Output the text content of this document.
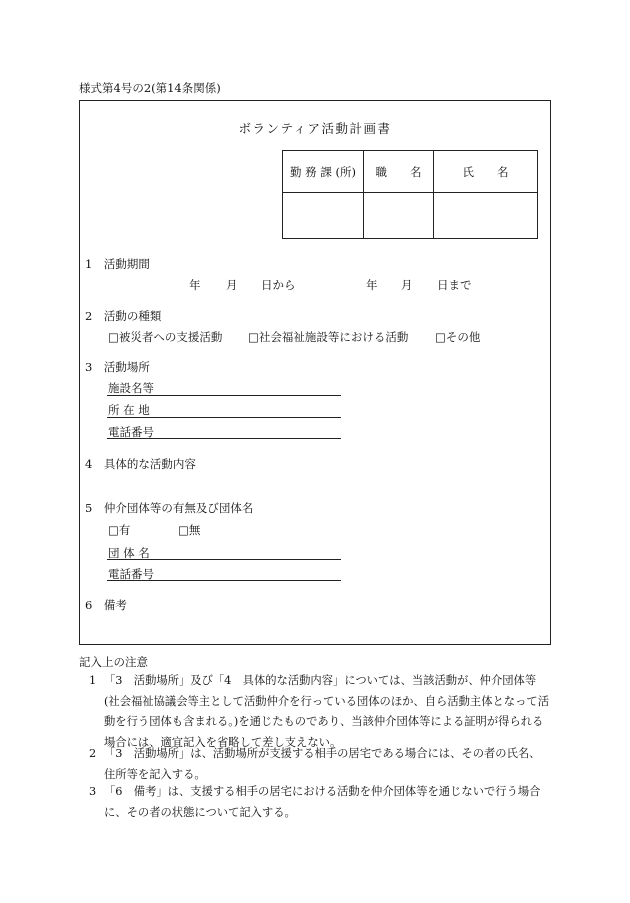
様式第4号の2(第14条関係)
ボランティア活動計画書
勤 務 課 (所)	職　　名	氏　　名

1　活動期間
年 月 日から	年 月 日まで
2　活動の種類
□被災者への支援活動 □社会福祉施設等における活動 □その他
3　活動場所
施設名等
所 在 地
電話番号
4　具体的な活動内容
5　仲介団体等の有無及び団体名
□有	□無
団 体 名
電話番号
6　備考
記入上の注意
1 「3　活動場所」及び「4　具体的な活動内容」については、当該活動が、仲介団体等(社会福祉協議会等主として活動仲介を行っている団体のほか、自ら活動主体となって活動を行う団体も含まれる。)を通じたものであり、当該仲介団体等による証明が得られる場合には、適宜記入を省略して差し支えない。
2 「3　活動場所」は、活動場所が支援する相手の居宅である場合には、その者の氏名、住所等を記入する。
3 「6　備考」は、支援する相手の居宅における活動を仲介団体等を通じないで行う場合に、その者の状態について記入する。
